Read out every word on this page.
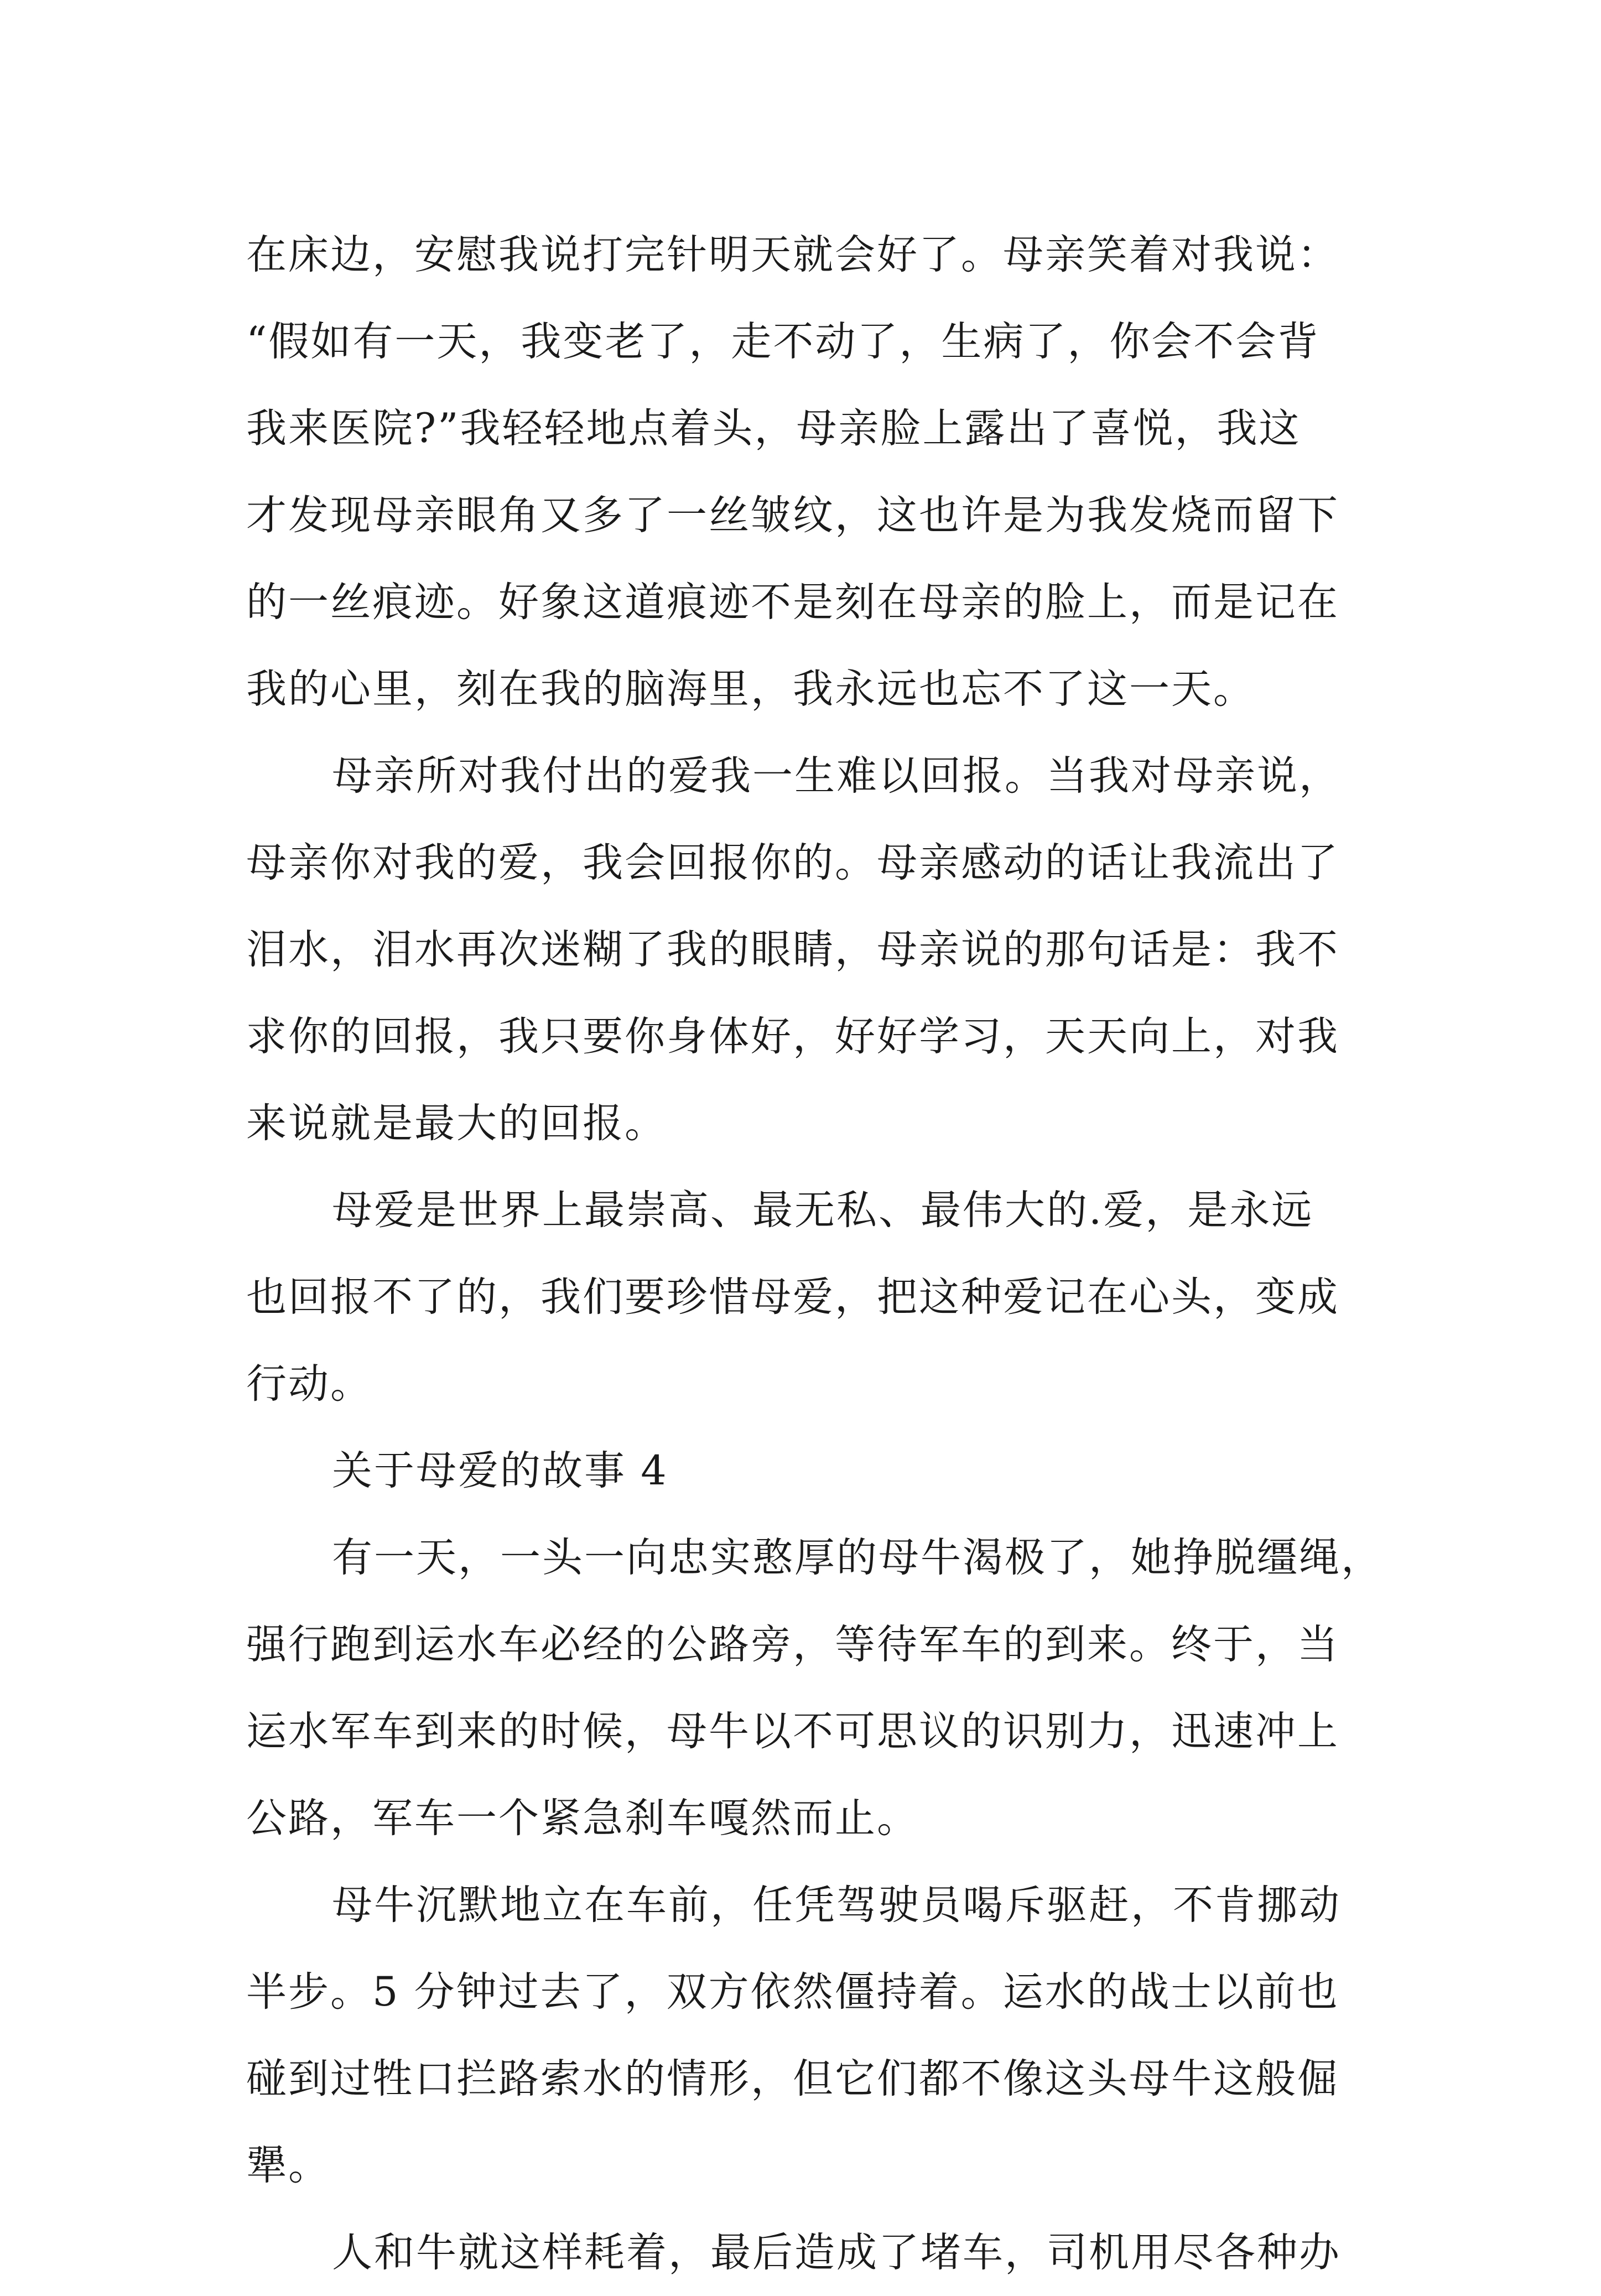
在床边，安慰我说打完针明天就会好了。母亲笑着对我说：
“假如有一天，我变老了，走不动了，生病了，你会不会背
我来医院?”我轻轻地点着头，母亲脸上露出了喜悦，我这
才发现母亲眼角又多了一丝皱纹，这也许是为我发烧而留下
的一丝痕迹。好象这道痕迹不是刻在母亲的脸上，而是记在
我的心里，刻在我的脑海里，我永远也忘不了这一天。
母亲所对我付出的爱我一生难以回报。当我对母亲说，
母亲你对我的爱，我会回报你的。母亲感动的话让我流出了
泪水，泪水再次迷糊了我的眼睛，母亲说的那句话是：我不
求你的回报，我只要你身体好，好好学习，天天向上，对我
来说就是最大的回报。
母爱是世界上最崇高、最无私、最伟大的.爱，是永远
也回报不了的，我们要珍惜母爱，把这种爱记在心头，变成
行动。
关于母爱的故事 4
有一天，一头一向忠实憨厚的母牛渴极了，她挣脱缰绳，
强行跑到运水车必经的公路旁，等待军车的到来。终于，当
运水军车到来的时候，母牛以不可思议的识别力，迅速冲上
公路，军车一个紧急刹车嘎然而止。
母牛沉默地立在车前，任凭驾驶员喝斥驱赶，不肯挪动
半步。5 分钟过去了，双方依然僵持着。运水的战士以前也
碰到过牲口拦路索水的情形，但它们都不像这头母牛这般倔
犟。
人和牛就这样耗着，最后造成了堵车，司机用尽各种办
